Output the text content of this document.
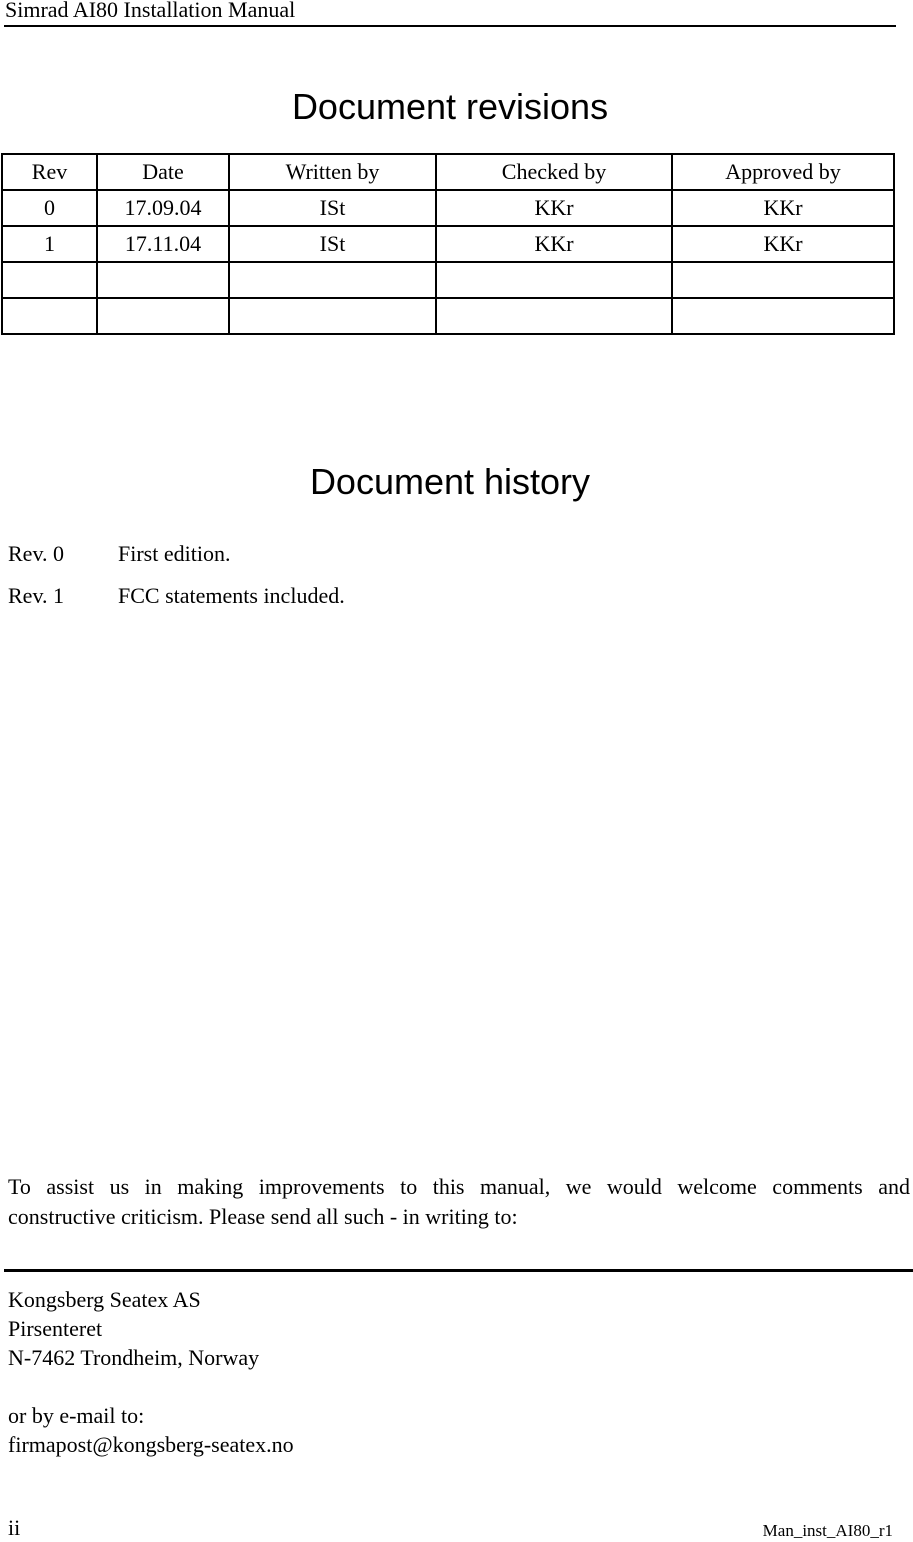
Simrad AI80 Installation Manual
Document revisions
Rev	Date	Written by	Checked by	Approved by
0	17.09.04	ISt	KKr	KKr
1	17.11.04	ISt	KKr	KKr

Document history
Rev. 0	First edition.
Rev. 1	FCC statements included.
To assist us in making improvements to this manual, we would welcome comments and
constructive criticism. Please send all such - in writing to:
Kongsberg Seatex AS
Pirsenteret
N-7462 Trondheim, Norway
or by e-mail to:
firmapost@kongsberg-seatex.no
ii	Man_inst_AI80_r1
